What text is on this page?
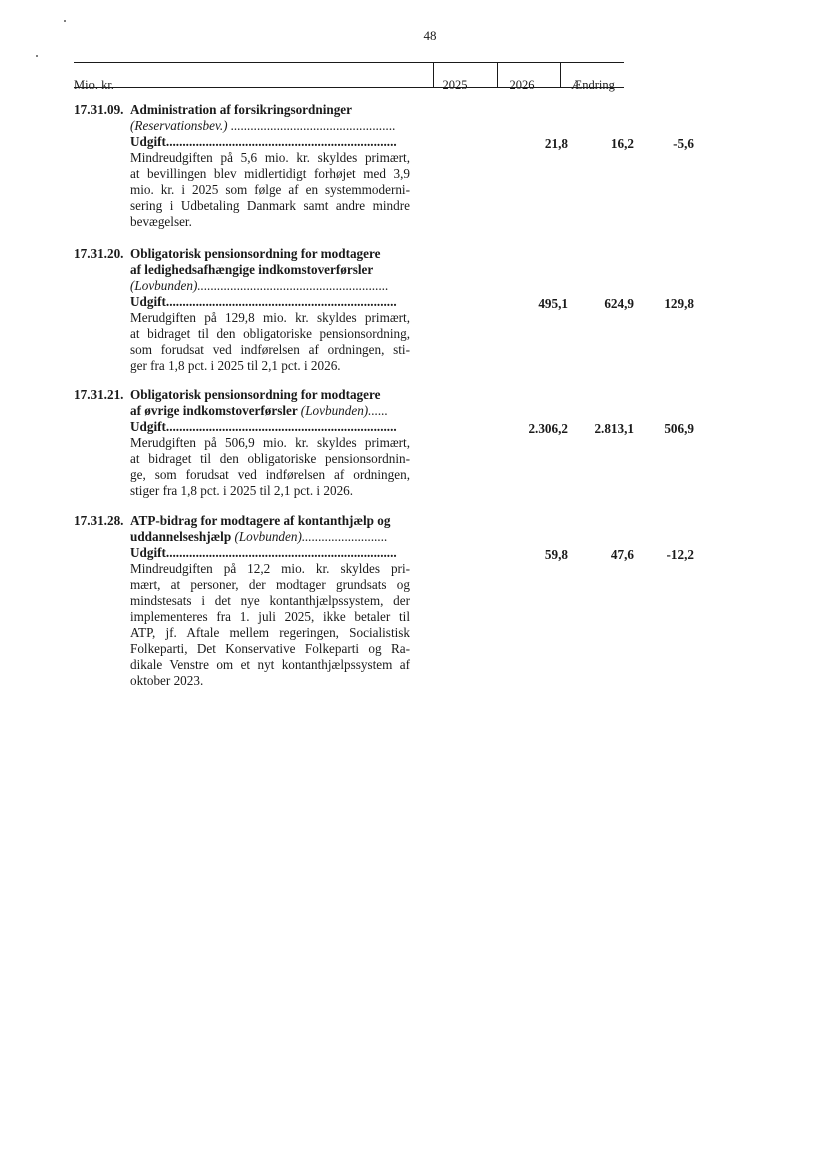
48
Mio. kr.	2025	2026	Ændring
17.31.09. Administration af forsikringsordninger
(Reservationsbev.) ..................................................
Udgift......................................................................
Mindreudgiften på 5,6 mio. kr. skyldes primært,
at bevillingen blev midlertidigt forhøjet med 3,9
mio. kr. i 2025 som følge af en systemmoderni-
sering i Udbetaling Danmark samt andre mindre
bevægelser.
21,8	16,2	-5,6
17.31.20. Obligatorisk pensionsordning for modtagere
af ledighedsafhængige indkomstoverførsler
(Lovbunden)..........................................................
Udgift......................................................................
Merudgiften på 129,8 mio. kr. skyldes primært,
at bidraget til den obligatoriske pensionsordning,
som forudsat ved indførelsen af ordningen, sti-
ger fra 1,8 pct. i 2025 til 2,1 pct. i 2026.
495,1	624,9	129,8
17.31.21. Obligatorisk pensionsordning for modtagere
af øvrige indkomstoverførsler (Lovbunden)......
Udgift......................................................................
Merudgiften på 506,9 mio. kr. skyldes primært,
at bidraget til den obligatoriske pensionsordnin-
ge, som forudsat ved indførelsen af ordningen,
stiger fra 1,8 pct. i 2025 til 2,1 pct. i 2026.
2.306,2	2.813,1	506,9
17.31.28. ATP-bidrag for modtagere af kontanthjælp og
uddannelseshjælp (Lovbunden)..........................
Udgift......................................................................
Mindreudgiften på 12,2 mio. kr. skyldes pri-
mært, at personer, der modtager grundsats og
mindstesats i det nye kontanthjælpssystem, der
implementeres fra 1. juli 2025, ikke betaler til
ATP, jf. Aftale mellem regeringen, Socialistisk
Folkeparti, Det Konservative Folkeparti og Ra-
dikale Venstre om et nyt kontanthjælpssystem af
oktober 2023.
59,8	47,6	-12,2
